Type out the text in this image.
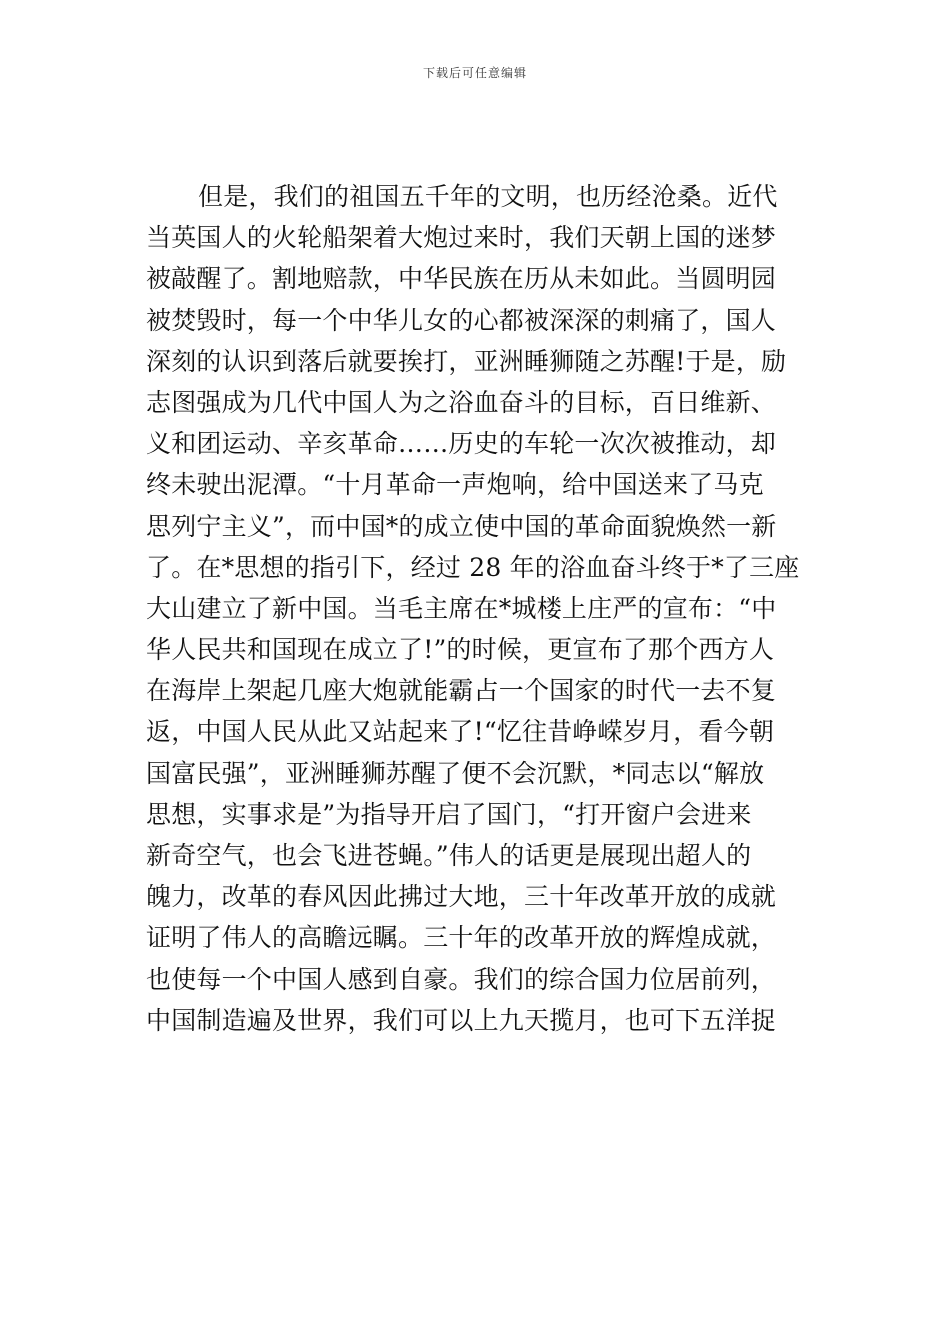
下载后可任意编辑
但是，我们的祖国五千年的文明，也历经沧桑。近代
当英国人的火轮船架着大炮过来时，我们天朝上国的迷梦
被敲醒了。割地赔款，中华民族在历从未如此。当圆明园
被焚毁时，每一个中华儿女的心都被深深的刺痛了，国人
深刻的认识到落后就要挨打，亚洲睡狮随之苏醒!于是，励
志图强成为几代中国人为之浴血奋斗的目标，百日维新、
义和团运动、辛亥革命……历史的车轮一次次被推动，却
终未驶出泥潭。“十月革命一声炮响，给中国送来了马克
思列宁主义”，而中国*的成立使中国的革命面貌焕然一新
了。在*思想的指引下，经过 28 年的浴血奋斗终于*了三座
大山建立了新中国。当毛主席在*城楼上庄严的宣布：“中
华人民共和国现在成立了!”的时候，更宣布了那个西方人
在海岸上架起几座大炮就能霸占一个国家的时代一去不复
返，中国人民从此又站起来了!“忆往昔峥嵘岁月，看今朝
国富民强”，亚洲睡狮苏醒了便不会沉默，*同志以“解放
思想，实事求是”为指导开启了国门，“打开窗户会进来
新奇空气，也会飞进苍蝇。”伟人的话更是展现出超人的
魄力，改革的春风因此拂过大地，三十年改革开放的成就
证明了伟人的高瞻远瞩。三十年的改革开放的辉煌成就，
也使每一个中国人感到自豪。我们的综合国力位居前列，
中国制造遍及世界，我们可以上九天揽月，也可下五洋捉
